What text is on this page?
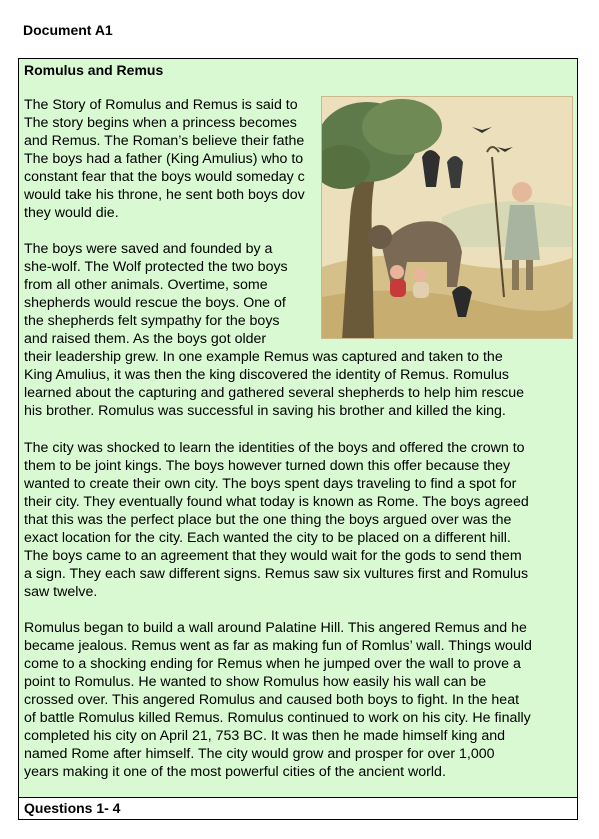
Document A1
Romulus and Remus
The Story of Romulus and Remus is said to
The story begins when a princess becomes
and Remus. The Roman’s believe their fathe
The boys had a father (King Amulius) who to
constant fear that the boys would someday c
would take his throne, he sent both boys dov
they would die.
The boys were saved and founded by a
she-wolf. The Wolf protected the two boys
from all other animals. Overtime, some
shepherds would rescue the boys. One of
the shepherds felt sympathy for the boys
and raised them. As the boys got older
their leadership grew. In one example Remus was captured and taken to the
King Amulius, it was then the king discovered the identity of Remus. Romulus
learned about the capturing and gathered several shepherds to help him rescue
his brother. Romulus was successful in saving his brother and killed the king.
The city was shocked to learn the identities of the boys and offered the crown to
them to be joint kings. The boys however turned down this offer because they
wanted to create their own city. The boys spent days traveling to find a spot for
their city. They eventually found what today is known as Rome. The boys agreed
that this was the perfect place but the one thing the boys argued over was the
exact location for the city. Each wanted the city to be placed on a different hill.
The boys came to an agreement that they would wait for the gods to send them
a sign. They each saw different signs. Remus saw six vultures first and Romulus
saw twelve.
Romulus began to build a wall around Palatine Hill. This angered Remus and he
became jealous. Remus went as far as making fun of Romlus’ wall. Things would
come to a shocking ending for Remus when he jumped over the wall to prove a
point to Romulus. He wanted to show Romulus how easily his wall can be
crossed over. This angered Romulus and caused both boys to fight. In the heat
of battle Romulus killed Remus. Romulus continued to work on his city. He finally
completed his city on April 21, 753 BC. It was then he made himself king and
named Rome after himself. The city would grow and prosper for over 1,000
years making it one of the most powerful cities of the ancient world.
Questions 1- 4
